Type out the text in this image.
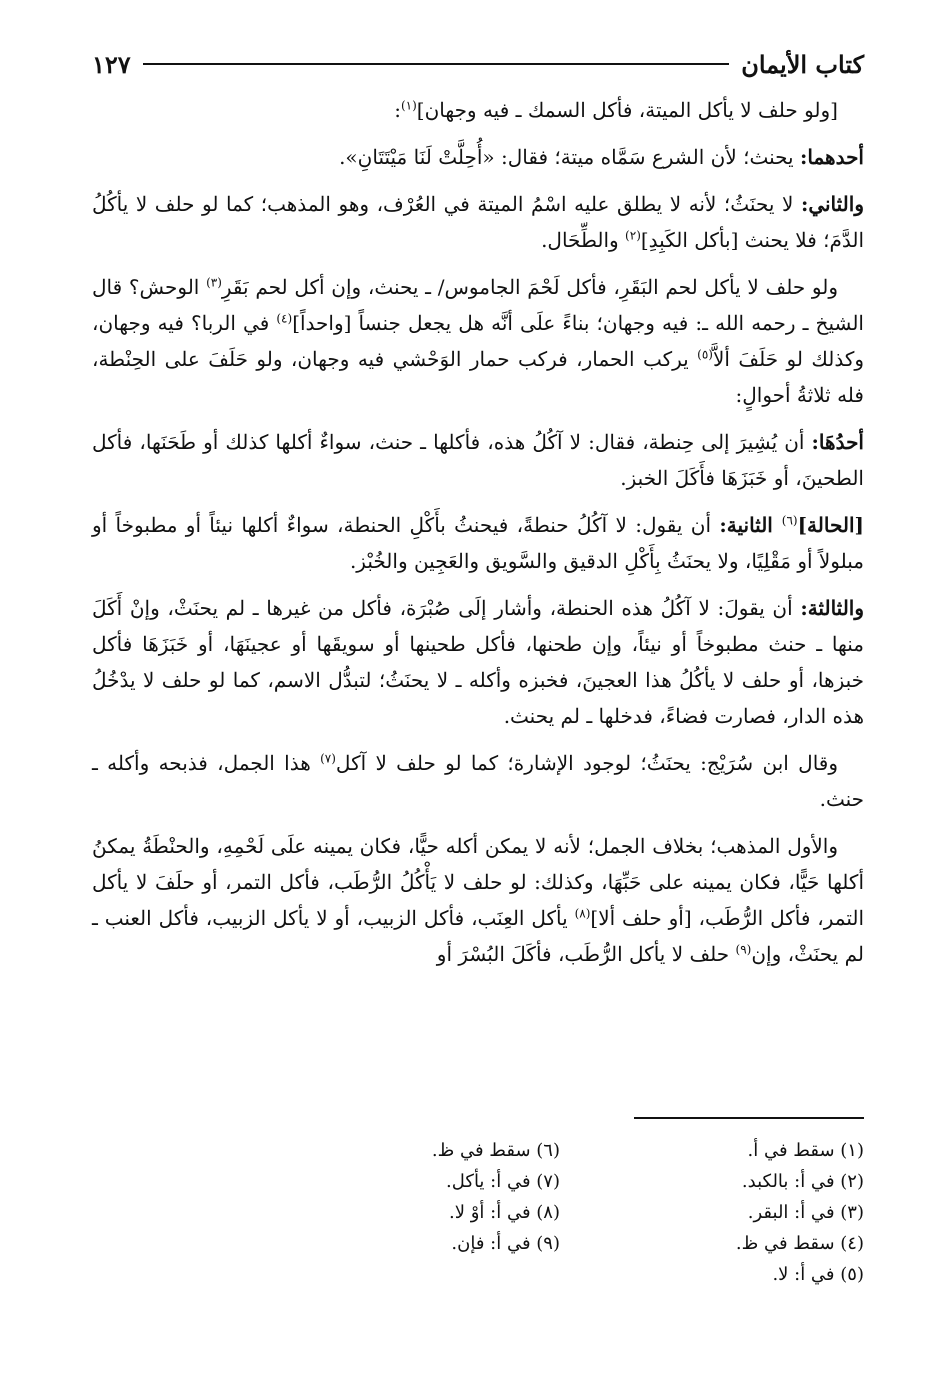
كتاب الأيمان
١٢٧

[ولو حلف لا يأكل الميتة، فأكل السمك ـ فيه وجهان]$^{(١)}$:

أحدهما: يحنث؛ لأن الشرع سَمَّاه ميتة؛ فقال: «أُحِلَّتْ لَنَا مَيْتَتَانِ».

والثاني: لا يحنَثُ؛ لأنه لا يطلق عليه اسْمُ الميتة في العُرْف، وهو المذهب؛ كما لو حلف لا يأكُلُ الدَّمَ؛ فلا يحنث [بأكل الكَبِدِ]$^{(٢)}$ والطِّحَال.

ولو حلف لا يأكل لحم البَقَرِ، فأكل لَحْمَ الجاموس/ ـ يحنث، وإن أكل لحم بَقَرِ$^{(٣)}$ الوحش؟ قال الشيخ ـ رحمه الله ـ: فيه وجهان؛ بناءً علَى أنَّه هل يجعل جنساً [واحداً]$^{(٤)}$ في الربا؟ فيه وجهان، وكذلك لو حَلَفَ ألاَّ$^{(٥)}$ يركب الحمار، فركب حمار الوَحْشي فيه وجهان، ولو حَلَفَ على الحِنْطة، فله ثلاثةُ أحوالٍ:

أحدُهَا: أن يُشِيرَ إلى حِنطة، فقال: لا آكُلُ هذه، فأكلها ـ حنث، سواءٌ أكلها كذلك أو طَحَنَها، فأكل الطحينَ، أو خَبَزَهَا فأَكَلَ الخبز.

[الحالة]$^{(٦)}$ الثانية: أن يقول: لا آكُلُ حنطةً، فيحنثُ بأَكْلِ الحنطة، سواءٌ أكلها نيئاً أو مطبوخاً أو مبلولاً أو مَقْلِيًا، ولا يحنَثُ بِأَكْلِ الدقيق والسَّويق والعَجِين والخُبْز.

والثالثة: أن يقولَ: لا آكُلُ هذه الحنطة، وأشار إلَى صُبْرَة، فأكل من غيرها ـ لم يحنَثْ، وإنْ أَكَلَ منها ـ حنث مطبوخاً أو نيئاً، وإن طحنها، فأكل طحينها أو سويقَها أو عجينَهَا، أو خَبَزَهَا فأكل خبزها، أو حلف لا يأكُلُ هذا العجينَ، فخبزه وأكله ـ لا يحنَثُ؛ لتبدُّل الاسم، كما لو حلف لا يدْخُلُ هذه الدار، فصارت فضاءً، فدخلها ـ لم يحنث.

وقال ابن سُرَيْج: يحنَثُ؛ لوجود الإشارة؛ كما لو حلف لا آكل$^{(٧)}$ هذا الجمل، فذبحه وأكله ـ حنث.

والأول المذهب؛ بخلاف الجمل؛ لأنه لا يمكن أكله حيًّا، فكان يمينه علَى لَحْمِهِ، والحنْطَةُ يمكنُ أكلها حَيًّا، فكان يمينه على حَبِّهَا، وكذلك: لو حلف لا يَأْكُلُ الرُّطَب، فأكل التمر، أو حلَفَ لا يأكل التمر، فأكل الرُّطَب، [أو حلف ألا]$^{(٨)}$ يأكل العِنَب، فأكل الزبيب، أو لا يأكل الزبيب، فأكل العنب ـ لم يحنَثْ، وإن$^{(٩)}$ حلف لا يأكل الرُّطَب، فأكَلَ البُسْرَ أو

(١) سقط في أ.
(٢) في أ: بالكبد.
(٣) في أ: البقر.
(٤) سقط في ظ.
(٥) في أ: لا.
(٦) سقط في ظ.
(٧) في أ: يأكل.
(٨) في أ: أوْ لا.
(٩) في أ: فإن.
